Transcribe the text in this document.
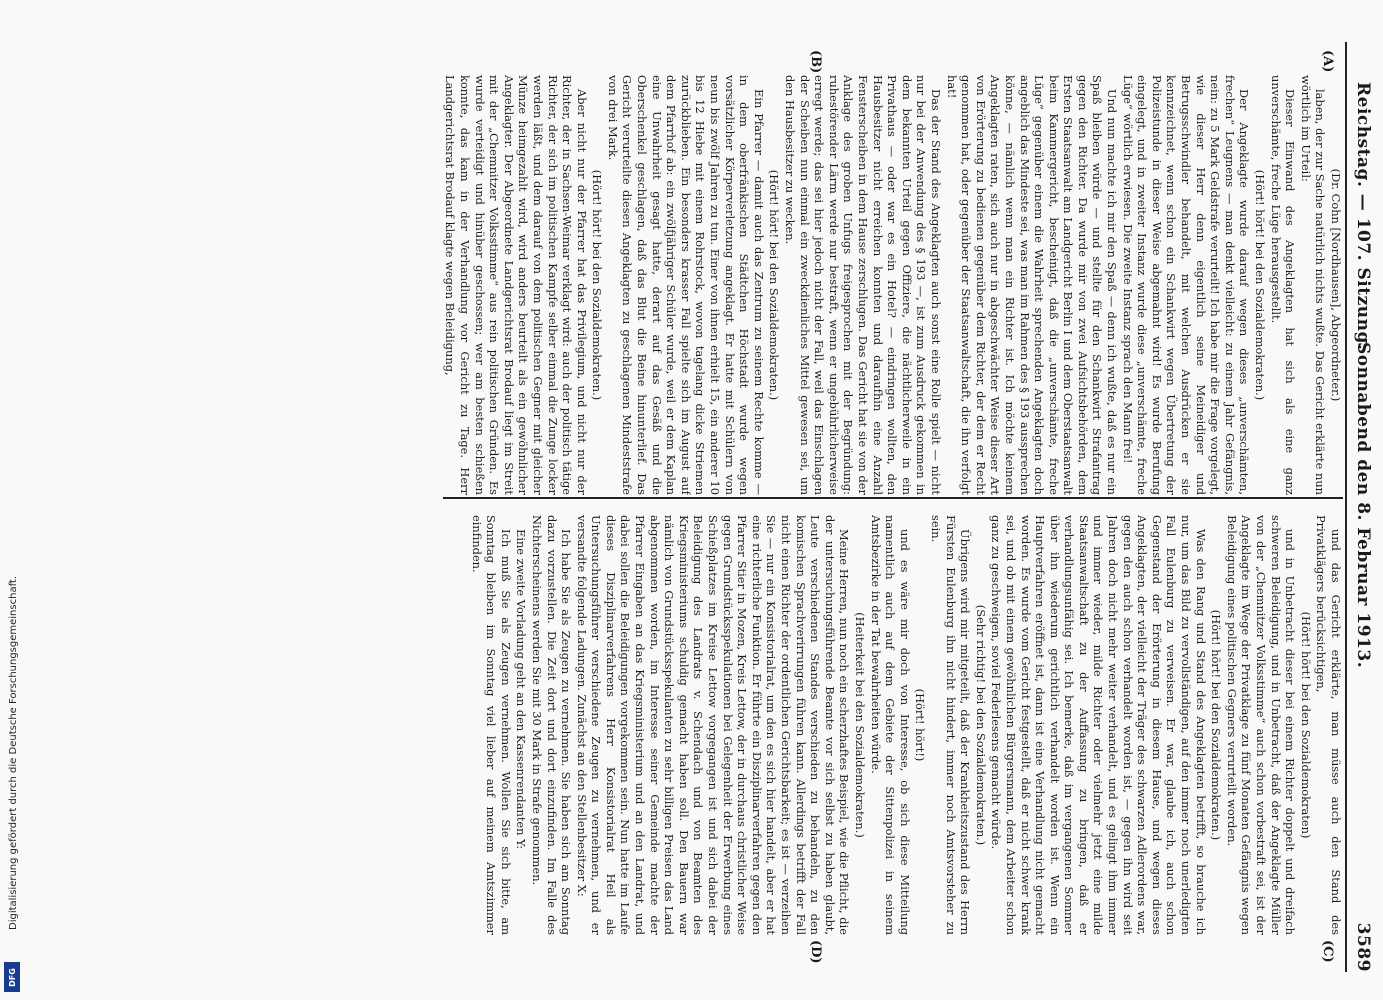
Reichstag. — 107. Sitzung.
Sonnabend den 8. Februar 1913.
3589
(A)
(B)
(C)
(D)

(Dr. Cohn [Nordhausen], Abgeordneter.)

laben, der zur Sache natürlich nichts wußte. Das Gericht erklärte nun wörtlich im Urteil:

Dieser Einwand des Angeklagten hat sich als eine ganz unverschämte, freche Lüge herausgestellt.

(Hört! hört! bei den Sozialdemokraten.)

Der Angeklagte wurde darauf wegen dieses „unverschämten, frechen“ Leugnens — man denkt vielleicht: zu einem Jahr Gefängnis, nein: zu 5 Mark Geldstrafe verurteilt! Ich habe mir die Frage vorgelegt, wie dieser Herr denn eigentlich seine Meineidiger und Betrugsschwindler behandelt, mit welchen Ausdrücken er sie kennzeichnet, wenn schon ein Schankwirt wegen Übertretung der Polizeistunde in dieser Weise abgemahnt wird! Es wurde Berufung eingelegt, und in zweiter Instanz wurde diese „unverschämte, freche Lüge“ wörtlich erwiesen. Die zweite Instanz sprach den Mann frei!

Und nun machte ich mir den Spaß — denn ich wußte, daß es nur ein Spaß bleiben würde — und stellte für den Schankwirt Strafantrag gegen den Richter. Da wurde mir von zwei Aufsichtsbehörden, dem Ersten Staatsanwalt am Landgericht Berlin I und dem Oberstaatsanwalt beim Kammergericht, bescheinigt, daß die „unverschämte, freche Lüge“ gegenüber einem die Wahrheit sprechenden Angeklagten doch angeblich das Mindeste sei, was man im Rahmen des § 193 aussprechen könne, — nämlich wenn man ein Richter ist. Ich möchte keinem Angeklagten raten, sich auch nur in abgeschwächter Weise dieser Art von Erörterung zu bedienen gegenüber dem Richter, der dem er Recht genommen hat, oder gegenüber der Staatsanwaltschaft, die ihn verfolgt hat!

Das der Stand des Angeklagten auch sonst eine Rolle spielt — nicht nur bei der Anwendung des § 193 —, ist zum Ausdruck gekommen in dem bekannten Urteil gegen Offiziere, die nächtlicherweile in ein Privathaus — oder war es ein Hotel? — eindringen wollten, den Hausbesitzer nicht erreichen konnten und daraufhin eine Anzahl Fensterscheiben in dem Hause zerschlugen. Das Gericht hat sie von der Anklage des groben Unfugs freigesprochen mit der Begründung: ruhestörender Lärm werde nur bestraft, wenn er ungebührlicherweise erregt werde; das sei hier jedoch nicht der Fall, weil das Einschlagen der Scheiben nun einmal ein zweckdienliches Mittel gewesen sei, um den Hausbesitzer zu wecken.

(Hört! hört! bei den Sozialdemokraten.)

Ein Pfarrer — damit auch das Zentrum zu seinem Rechte komme — in dem oberfränkischen Städtchen Höchstadt wurde wegen vorsätzlicher Körperverletzung angeklagt. Er hatte mit Schülern von neun bis zwölf Jahren zu tun. Einer von ihnen erhielt 15, ein anderer 10 bis 12 Hiebe mit einem Rohrstock, wovon tagelang dicke Striemen zurückblieben. Ein besonders krasser Fall spielte sich im August auf dem Pfarrhof ab: ein zwölfjähriger Schüler wurde, weil er dem Kaplan eine Unwahrheit gesagt hatte, derart auf das Gesäß und die Oberschenkel geschlagen, daß das Blut die Beine hinunterlief. Das Gericht verurteilte diesen Angeklagten zu geschlagenen Mindeststrafe von drei Mark.

(Hört! hört! bei den Sozialdemokraten.)

Aber nicht nur der Pfarrer hat das Privilegium, und nicht nur der Richter, der in Sachsen-Weimar verklagt wird: auch der politisch tätige Richter, der sich im politischen Kampfe selber einmal die Zunge locker werden läßt, und dem darauf von dem politischen Gegner mit gleicher Münze heimgezahlt wird, wird anders beurteilt als ein gewöhnlicher Angeklagter. Der Abgeordnete Landgerichtsrat Brodauf liegt im Streit mit der „Chemnitzer Volksstimme“ aus rein politischen Gründen. Es wurde verteidigt und hinüber geschossen; wer am besten schießen konnte, das kam in der Verhandlung vor Gericht zu Tage. Herr Landgerichtsrat Brodauf klagte wegen Beleidigung,

und das Gericht erklärte, man müsse auch den Stand des Privatklägers berücksichtigen,

(Hört! hört! bei den Sozialdemokraten)

und in Unbetracht dieser bei einem Richter doppelt und dreifach schweren Beleidigung, und in Unbetracht, daß der Angeklagte Müller von der „Chemnitzer Volksstimme“ auch schon vorbestraft sei, ist der Angeklagte im Wege der Privatklage zu fünf Monaten Gefängnis wegen Beleidigung eines politischen Gegners verurteilt worden.

(Hört! hört! bei den Sozialdemokraten.)

Was den Rang und Stand des Angeklagten betrifft, so brauche ich nur, um das Bild zu vervollständigen, auf den immer noch unerledigten Fall Eulenburg zu verweisen. Er war, glaube ich, auch schon Gegenstand der Erörterung in diesem Hause, und wegen dieses Angeklagten, der vielleicht der Träger des schwarzen Adlerordens war, gegen den auch schon verhandelt worden ist, — gegen ihn wird seit Jahren doch nicht mehr weiter verhandelt, und es gelingt ihm immer und immer wieder, milde Richter oder vielmehr jetzt eine milde Staatsanwaltschaft zu der Auffassung zu bringen, daß er verhandlungsunfähig sei. Ich bemerke, daß im vergangenen Sommer über ihn wiederum gerichtlich verhandelt worden ist. Wenn ein Hauptverfahren eröffnet ist, dann ist eine Verhandlung nicht gemacht worden. Es wurde vom Gericht festgestellt, daß er nicht schwer krank sei, und ob mit einem gewöhnlichen Bürgersmann, dem Arbeiter schon ganz zu geschweigen, soviel Federlesens gemacht würde.

(Sehr richtig! bei den Sozialdemokraten.)

Übrigens wird mir mitgeteilt, daß der Krankheitszustand des Herrn Fürsten Eulenburg ihn nicht hindert, immer noch Amtsvorsteher zu sein.

(Hört! hört!)

und es wäre mir doch von Interesse, ob sich diese Mitteilung namentlich auch auf dem Gebiete der Sittenpolizei in seinem Amtsbezirke in der Tat bewahrheiten würde.

(Heiterkeit bei den Sozialdemokraten.)

Meine Herren, nun noch ein scherzhaftes Beispiel, wie die Pflicht, die der untersuchungsführende Beamte vor sich selbst zu haben glaubt, Leute verschiedenen Standes verschieden zu behandeln, zu den komischen Sprachverirrungen führen kann. Allerdings betrifft der Fall nicht einen Richter der ordentlichen Gerichtsbarkeit; es ist — verzeihen Sie — nur ein Konsistorialrat, um den es sich hier handelt, aber er hat eine richterliche Funktion. Er führte ein Disziplinarverfahren gegen den Pfarrer Stier in Mozen, Kreis Lettow, der in durchaus christlicher Weise gegen Grundstücksspekulationen bei Gelegenheit der Erwerbung eines Schießplatzes im Kreise Lettow vorgegangen ist und sich dabei der Beleidigung des Landrats v. Schendach und von Beamten des Kriegsministeriums schuldig gemacht haben soll. Den Bauern war nämlich von Grundstücksspekulanten zu sehr billigen Preisen das Land abgenommen worden, im Interesse seiner Gemeinde machte der Pfarrer Eingaben an das Kriegsministerium und an den Landrat, und dabei sollen die Beleidigungen vorgekommen sein. Nun hatte im Laufe dieses Disziplinarverfahrens Herr Konsistorialrat Heil als Untersuchungsführer verschiedene Zeugen zu vernehmen, und er versandte folgende Ladungen. Zunächst an den Stellenbesitzer X:

Ich habe Sie als Zeugen zu vernehmen. Sie haben sich am Sonntag dazu vorzustellen. Die Zeit dort und dort einzufinden. Im Falle des Nichterscheinens werden Sie mit 30 Mark in Strafe genommen.

Eine zweite Vorladung geht an den Kassenrendanten Y:

Ich muß Sie als Zeugen vernehmen. Wollen Sie sich bitte, am Sonntag bleiben im Sonntag viel lieber auf meinem Amtszimmer einfinden.

Digitalisierung gefördert durch die Deutsche Forschungsgemeinschaft.
DFG
